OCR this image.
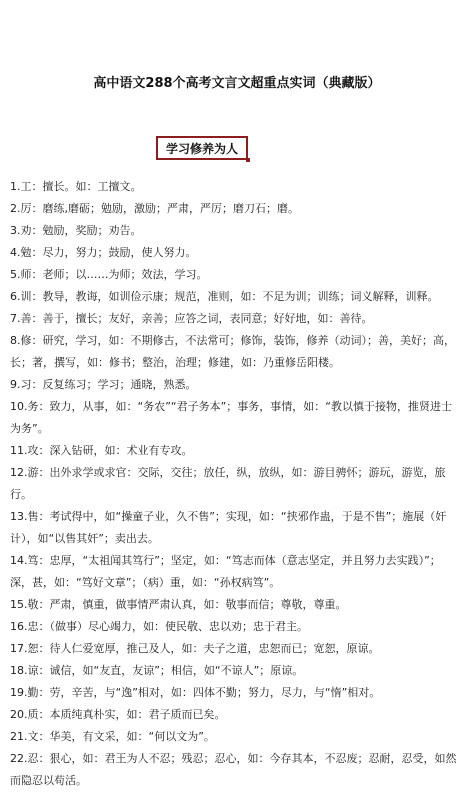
高中语文288个高考文言文超重点实词（典藏版）
学习修养为人

1.工：擅长。如：工擅文。

2.厉：磨练,磨砺；勉励，激励；严肃，严厉；磨刀石；磨。

3.劝：勉励，奖励；劝告。

4.勉：尽力，努力；鼓励，使人努力。

5.师：老师；以……为师；效法，学习。

6.训：教导，教诲，如训俭示康；规范，准则，如：不足为训；训练；词义解释，训释。

7.善：善于，擅长；友好，亲善；应答之词，表同意；好好地，如：善待。

8.修：研究，学习，如：不期修古，不法常可；修饰，装饰，修养（动词）；善，美好；高，长；著，撰写，如：修书；整治，治理；修建，如：乃重修岳阳楼。

9.习：反复练习；学习；通晓，熟悉。

10.务：致力，从事，如：“务农”“君子务本”；事务，事情，如：“教以慎于接物，推贤进士为务”。

11.攻：深入钻研，如：术业有专攻。

12.游：出外求学或求官：交际，交往；放任，纵，放纵，如：游目骋怀；游玩，游览，旅行。

13.售：考试得中，如“操童子业，久不售”；实现，如：“挟邪作蛊，于是不售”；施展（奸计），如“以售其奸”；卖出去。

14.笃：忠厚，“太祖闻其笃行”；坚定，如：“笃志而体（意志坚定，并且努力去实践）”；深，甚，如：“笃好文章”；（病）重，如：“孙权病笃”。

15.敬：严肃，慎重，做事情严肃认真，如：敬事而信；尊敬，尊重。

16.忠：（做事）尽心竭力，如：使民敬、忠以劝；忠于君主。

17.恕：待人仁爱宽厚，推己及人，如：夫子之道，忠恕而已；宽恕，原谅。

18.谅：诚信，如“友直，友谅”；相信，如“不谅人”；原谅。

19.勤：劳，辛苦，与“逸”相对，如：四体不勤；努力，尽力，与“惰”相对。

20.质：本质纯真朴实，如：君子质而已矣。

21.文：华美，有文采，如：“何以文为”。

22.忍：狠心，如：君王为人不忍；残忍；忍心，如：今存其本，不忍废；忍耐，忍受，如然而隐忍以苟活。
